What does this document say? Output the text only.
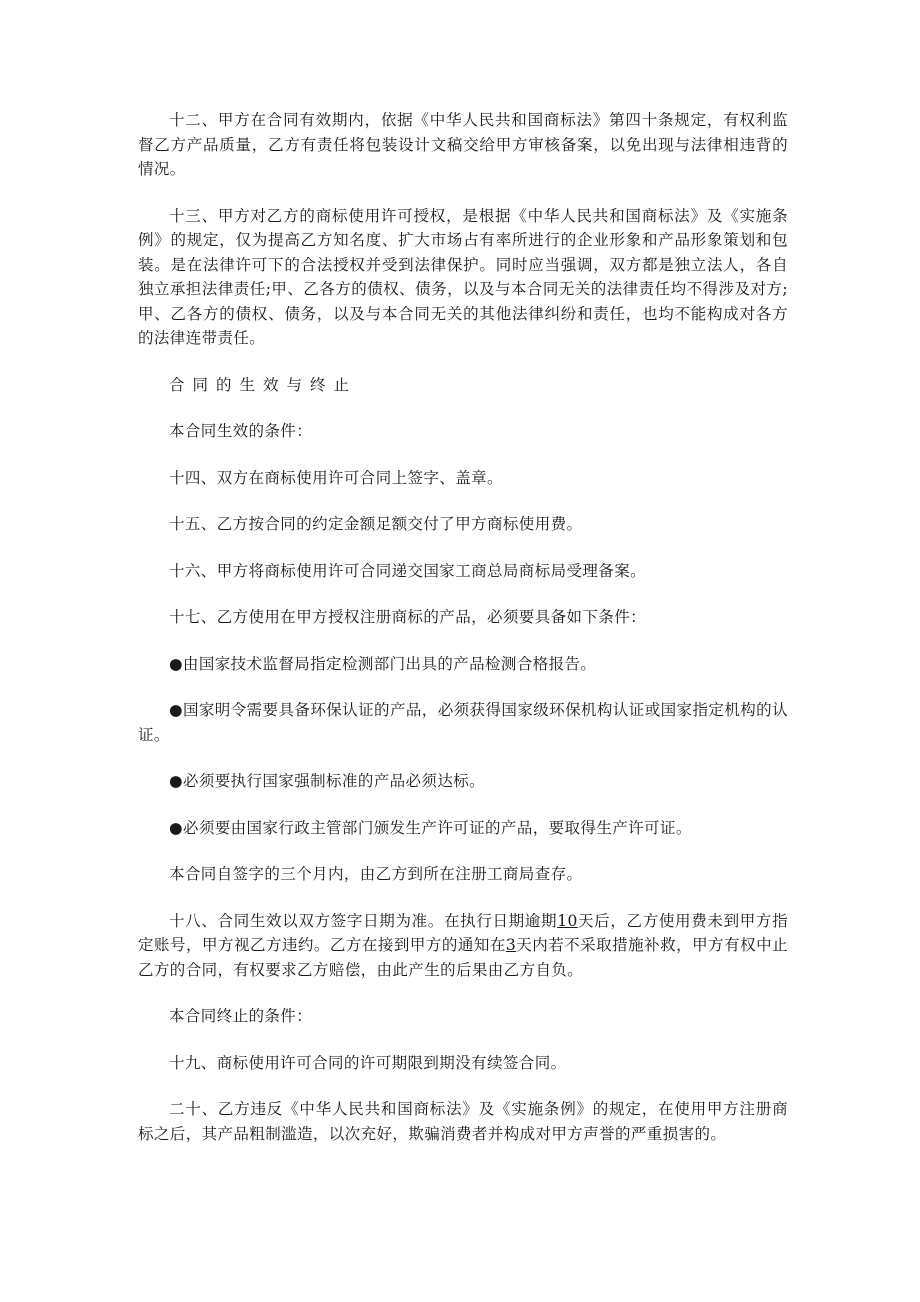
十二、甲方在合同有效期内，依据《中华人民共和国商标法》第四十条规定，有权利监督乙方产品质量，乙方有责任将包装设计文稿交给甲方审核备案，以免出现与法律相违背的情况。

十三、甲方对乙方的商标使用许可授权，是根据《中华人民共和国商标法》及《实施条例》的规定，仅为提高乙方知名度、扩大市场占有率所进行的企业形象和产品形象策划和包装。是在法律许可下的合法授权并受到法律保护。同时应当强调，双方都是独立法人，各自独立承担法律责任;甲、乙各方的债权、债务，以及与本合同无关的法律责任均不得涉及对方;甲、乙各方的债权、债务，以及与本合同无关的其他法律纠纷和责任，也均不能构成对各方的法律连带责任。

合同的生效与终止

本合同生效的条件：

十四、双方在商标使用许可合同上签字、盖章。

十五、乙方按合同的约定金额足额交付了甲方商标使用费。

十六、甲方将商标使用许可合同递交国家工商总局商标局受理备案。

十七、乙方使用在甲方授权注册商标的产品，必须要具备如下条件：

●由国家技术监督局指定检测部门出具的产品检测合格报告。

●国家明令需要具备环保认证的产品，必须获得国家级环保机构认证或国家指定机构的认证。

●必须要执行国家强制标准的产品必须达标。

●必须要由国家行政主管部门颁发生产许可证的产品，要取得生产许可证。

本合同自签字的三个月内，由乙方到所在注册工商局查存。

十八、合同生效以双方签字日期为准。在执行日期逾期10天后，乙方使用费未到甲方指定账号，甲方视乙方违约。乙方在接到甲方的通知在3天内若不采取措施补救，甲方有权中止乙方的合同，有权要求乙方赔偿，由此产生的后果由乙方自负。

本合同终止的条件：

十九、商标使用许可合同的许可期限到期没有续签合同。

二十、乙方违反《中华人民共和国商标法》及《实施条例》的规定，在使用甲方注册商标之后，其产品粗制滥造，以次充好，欺骗消费者并构成对甲方声誉的严重损害的。
